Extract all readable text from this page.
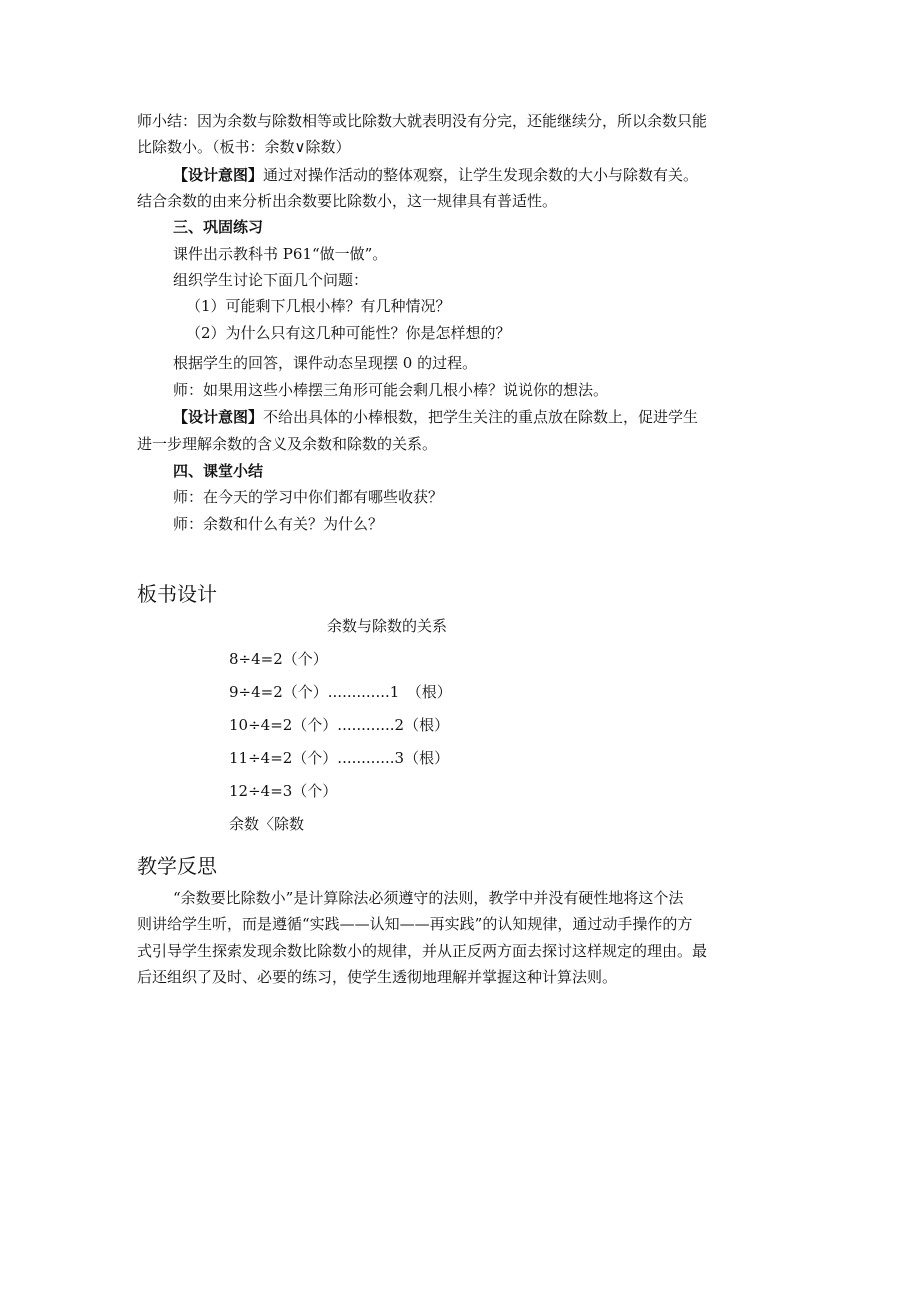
师小结：因为余数与除数相等或比除数大就表明没有分完，还能继续分，所以余数只能

比除数小。（板书：余数∨除数）

【设计意图】通过对操作活动的整体观察，让学生发现余数的大小与除数有关。

结合余数的由来分析出余数要比除数小，这一规律具有普适性。

三、巩固练习

课件出示教科书 P61“做一做”。

组织学生讨论下面几个问题：

（1）可能剩下几根小棒？有几种情况？

（2）为什么只有这几种可能性？你是怎样想的？

根据学生的回答，课件动态呈现摆 0 的过程。

师：如果用这些小棒摆三角形可能会剩几根小棒？说说你的想法。

【设计意图】不给出具体的小棒根数，把学生关注的重点放在除数上，促进学生

进一步理解余数的含义及余数和除数的关系。

四、课堂小结

师：在今天的学习中你们都有哪些收获？

师：余数和什么有关？为什么？

板书设计
余数与除数的关系
8÷4=2（个）
9÷4=2（个）.............1　（根）
10÷4=2（个）............2（根）
11÷4=2（个）............3（根）
12÷4=3（个）
余数〈除数
教学反思

“余数要比除数小”是计算除法必须遵守的法则，教学中并没有硬性地将这个法

则讲给学生听，而是遵循“实践——认知——再实践”的认知规律，通过动手操作的方

式引导学生探索发现余数比除数小的规律，并从正反两方面去探讨这样规定的理由。最

后还组织了及时、必要的练习，使学生透彻地理解并掌握这种计算法则。
